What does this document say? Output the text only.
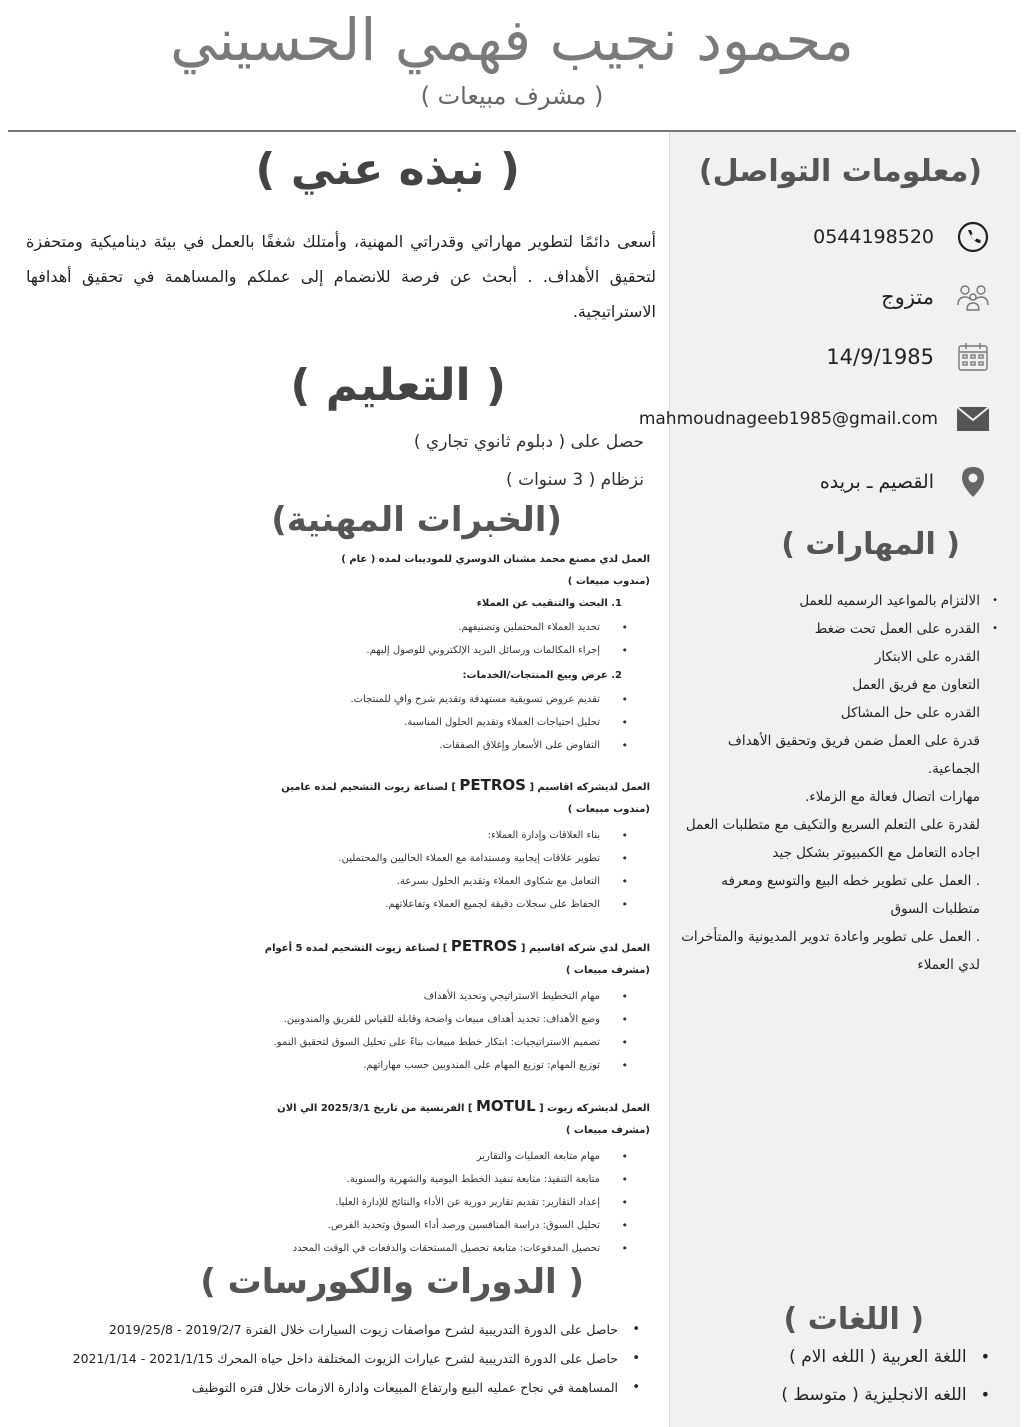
محمود نجيب فهمي الحسيني
( مشرف مبيعات )
(معلومات التواصل)
0544198520
متزوج
14/9/1985
mahmoudnageeb1985@gmail.com
القصيم ـ بريده
( المهارات )
•
الالتزام بالمواعيد الرسميه للعمل
•
القدره على العمل تحت ضغط
القدره على الابتكار
التعاون مع فريق العمل
القدره على حل المشاكل
قدرة على العمل ضمن فريق وتحقيق الأهداف الجماعية.
مهارات اتصال فعالة مع الزملاء.
لقدرة على التعلم السريع والتكيف مع متطلبات العمل
اجاده التعامل مع الكمبيوتر بشكل جيد
. العمل على تطوير خطه البيع والتوسع ومعرفه متطلبات السوق
. العمل على تطوير واعادة تدوير المديونية والمتأخرات لدي العملاء
( اللغات )
• اللغة العربية ( اللغه الام )
• اللغه الانجليزية ( متوسط )
( نبذه عني )

أسعى دائمًا لتطوير مهاراتي وقدراتي المهنية، وأمتلك شغفًا بالعمل في بيئة ديناميكية ومتحفزة لتحقيق الأهداف. . أبحث عن فرصة للانضمام إلى عملكم والمساهمة في تحقيق أهدافها الاستراتيجية.

( التعليم )
حصل على ( دبلوم ثانوي تجاري )
نزظام ( 3 سنوات )
(الخبرات المهنية)

العمل لدي مصنع محمد مشنان الدوسري للموديبات لمده ( عام )

(مندوب مبيعات )

1. البحث والتنقيب عن العملاء

• تحديد العملاء المحتملين وتصنيفهم.
• إجراء المكالمات ورسائل البريد الإلكتروني للوصول إليهم.

2. عرض وبيع المنتجات/الخدمات:

• تقديم عروض تسويقية مستهدفة وتقديم شرح وافٍ للمنتجات.
• تحليل احتياجات العملاء وتقديم الحلول المناسبة.
• التفاوض على الأسعار وإغلاق الصفقات.

العمل لديشركه اقاسيم [ PETROS ] لصناعة زيوت التشحيم لمده عامين

(مندوب مبيعات )

• بناء العلاقات وإدارة العملاء:
• تطوير علاقات إيجابية ومستدامة مع العملاء الحاليين والمحتملين.
• التعامل مع شكاوى العملاء وتقديم الحلول بسرعة.
• الحفاظ على سجلات دقيقة لجميع العملاء وتفاعلاتهم.

العمل لدي شركه اقاسيم [ PETROS ] لصناعة زيوت التشحيم لمده 5 أعوام

(مشرف مبيعات )

• مهام التخطيط الاستراتيجي وتحديد الأهداف
• وضع الأهداف: تحديد أهداف مبيعات واضحة وقابلة للقياس للفريق والمندوبين.
• تصميم الاستراتيجيات: ابتكار خطط مبيعات بناءً على تحليل السوق لتحقيق النمو.
• توزيع المهام: توزيع المهام على المندوبين حسب مهاراتهم.

العمل لديشركه زيوت [ MOTUL ] الفرنسية من تاريخ 2025/3/1 الي الان

(مشرف مبيعات )

• مهام متابعة العمليات والتقارير
• متابعة التنفيذ: متابعة تنفيذ الخطط اليومية والشهرية والسنوية.
• إعداد التقارير: تقديم تقارير دورية عن الأداء والنتائج للإدارة العليا.
• تحليل السوق: دراسة المنافسين ورصد أداء السوق وتحديد الفرص.
• تحصيل المدفوعات: متابعة تحصيل المستحقات والدفعات في الوقت المحدد
( الدورات والكورسات )
• حاصل على الدورة التدريبية لشرح مواصفات زيوت السيارات خلال الفترة 2019/2/7 - 2019/25/8
• حاصل على الدورة التدريبية لشرح عيارات الزيوت المختلفة داخل حياه المحرك 2021/1/15 - 2021/1/14
• المساهمة في نجاح عمليه البيع وارتفاع المبيعات وادارة الازمات خلال فتره التوظيف
